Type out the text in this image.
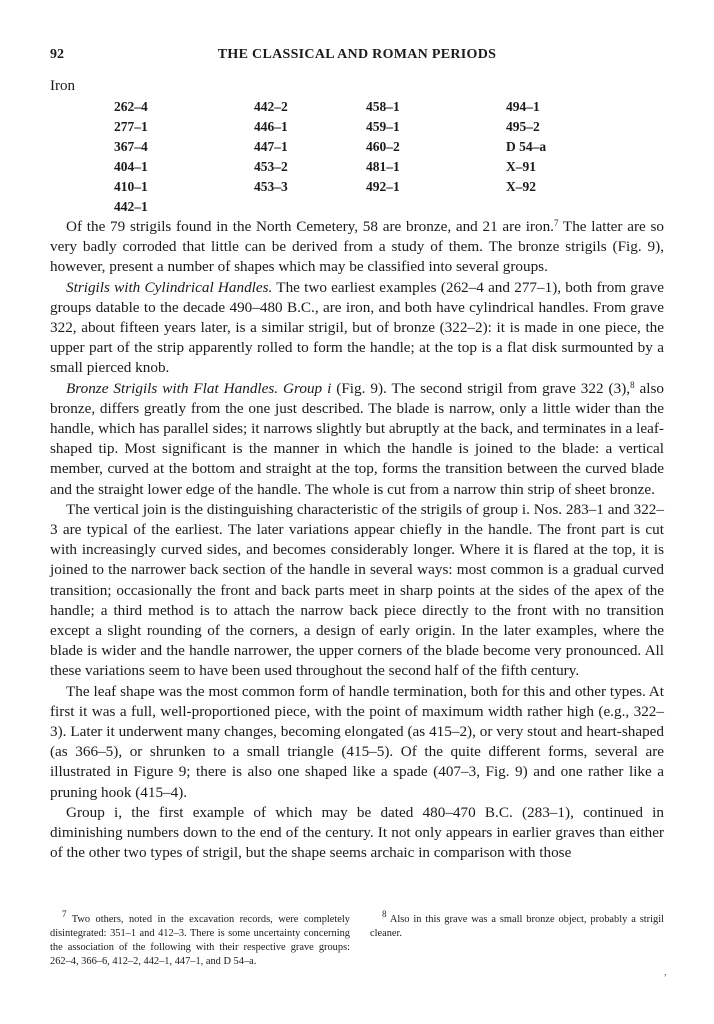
92	THE CLASSICAL AND ROMAN PERIODS
Iron
262–4	442–2	458–1	494–1
277–1	446–1	459–1	495–2
367–4	447–1	460–2	D 54–a
404–1	453–2	481–1	X–91
410–1	453–3	492–1	X–92
442–1			

Of the 79 strigils found in the North Cemetery, 58 are bronze, and 21 are iron.$^7$ The latter are so very badly corroded that little can be derived from a study of them. The bronze strigils (Fig. 9), however, present a number of shapes which may be classified into several groups.

Strigils with Cylindrical Handles. The two earliest examples (262–4 and 277–1), both from grave groups datable to the decade 490–480 B.C., are iron, and both have cylindrical handles. From grave 322, about fifteen years later, is a similar strigil, but of bronze (322–2): it is made in one piece, the upper part of the strip apparently rolled to form the handle; at the top is a flat disk surmounted by a small pierced knob.

Bronze Strigils with Flat Handles. Group i (Fig. 9). The second strigil from grave 322 (3),$^8$ also bronze, differs greatly from the one just described. The blade is narrow, only a little wider than the handle, which has parallel sides; it narrows slightly but abruptly at the back, and terminates in a leaf-shaped tip. Most significant is the manner in which the handle is joined to the blade: a vertical member, curved at the bottom and straight at the top, forms the transition between the curved blade and the straight lower edge of the handle. The whole is cut from a narrow thin strip of sheet bronze.

The vertical join is the distinguishing characteristic of the strigils of group i. Nos. 283–1 and 322–3 are typical of the earliest. The later variations appear chiefly in the handle. The front part is cut with increasingly curved sides, and becomes considerably longer. Where it is flared at the top, it is joined to the narrower back section of the handle in several ways: most common is a gradual curved transition; occasionally the front and back parts meet in sharp points at the sides of the apex of the handle; a third method is to attach the narrow back piece directly to the front with no transition except a slight rounding of the corners, a design of early origin. In the later examples, where the blade is wider and the handle narrower, the upper corners of the blade become very pronounced. All these variations seem to have been used throughout the second half of the fifth century.

The leaf shape was the most common form of handle termination, both for this and other types. At first it was a full, well-proportioned piece, with the point of maximum width rather high (e.g., 322–3). Later it underwent many changes, becoming elongated (as 415–2), or very stout and heart-shaped (as 366–5), or shrunken to a small triangle (415–5). Of the quite different forms, several are illustrated in Figure 9; there is also one shaped like a spade (407–3, Fig. 9) and one rather like a pruning hook (415–4).

Group i, the first example of which may be dated 480–470 B.C. (283–1), continued in diminishing numbers down to the end of the century. It not only appears in earlier graves than either of the other two types of strigil, but the shape seems archaic in comparison with those

$^7$ Two others, noted in the excavation records, were completely disintegrated: 351–1 and 412–3. There is some uncertainty concerning the association of the following with their respective grave groups: 262–4, 366–6, 412–2, 442–1, 447–1, and D 54–a.
$^8$ Also in this grave was a small bronze object, probably a strigil cleaner.
,
